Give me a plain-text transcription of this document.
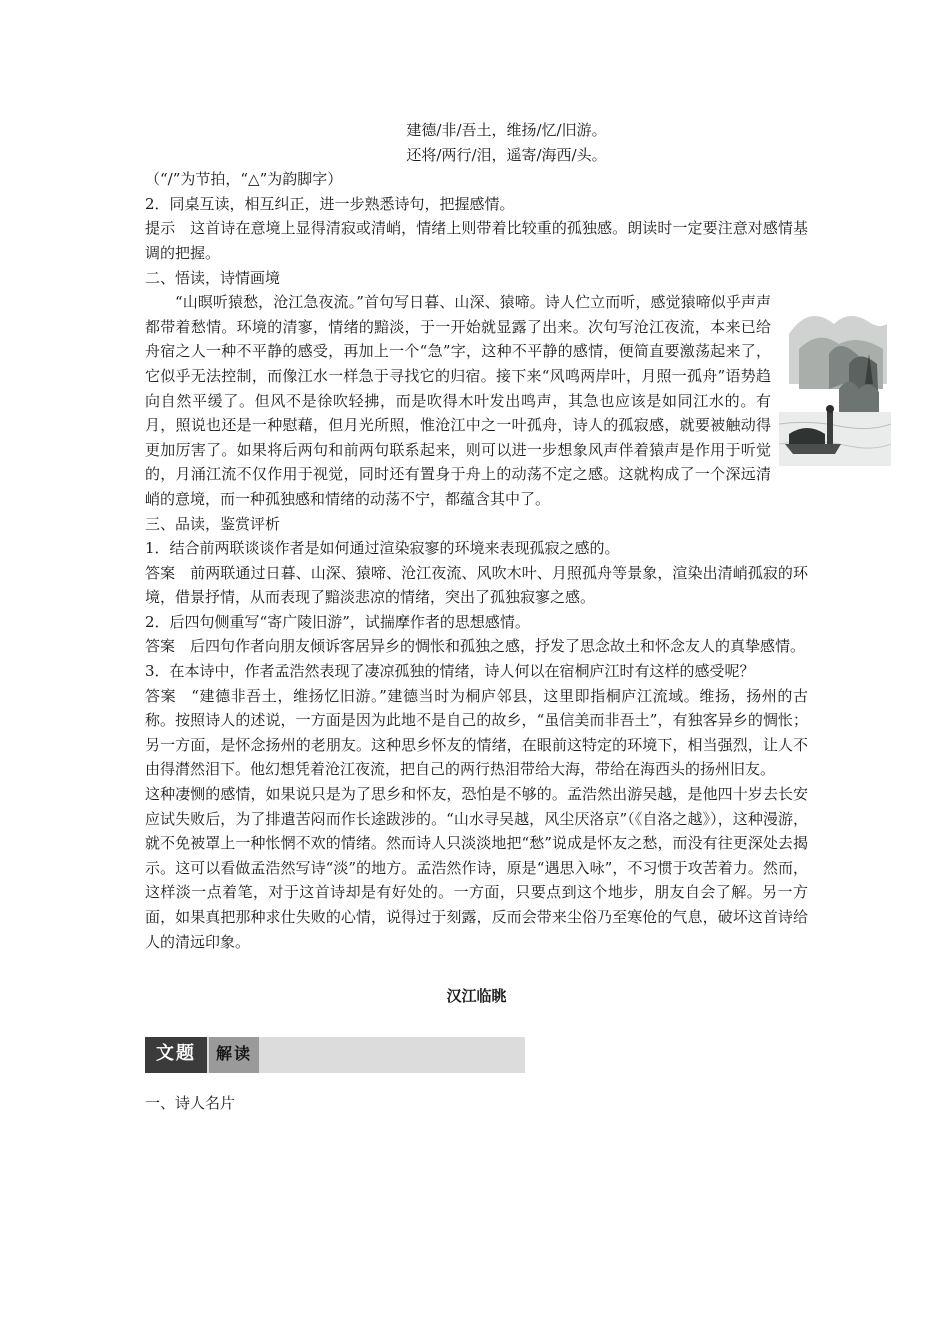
建德/非/吾土，维扬/忆/旧游。
还将/两行/泪，遥寄/海西/头。

（“/”为节拍，“△”为韵脚字）

2．同桌互读，相互纠正，进一步熟悉诗句，把握感情。

提示 这首诗在意境上显得清寂或清峭，情绪上则带着比较重的孤独感。朗读时一定要注意对感情基调的把握。

二、悟读，诗情画境

“山暝听猿愁，沧江急夜流。”首句写日暮、山深、猿啼。诗人伫立而听，感觉猿啼似乎声声都带着愁情。环境的清寥，情绪的黯淡，于一开始就显露了出来。次句写沧江夜流，本来已给舟宿之人一种不平静的感受，再加上一个“急”字，这种不平静的感情，便简直要激荡起来了，它似乎无法控制，而像江水一样急于寻找它的归宿。接下来“风鸣两岸叶，月照一孤舟”语势趋向自然平缓了。但风不是徐吹轻拂，而是吹得木叶发出鸣声，其急也应该是如同江水的。有月，照说也还是一种慰藉，但月光所照，惟沧江中之一叶孤舟，诗人的孤寂感，就要被触动得更加厉害了。如果将后两句和前两句联系起来，则可以进一步想象风声伴着猿声是作用于听觉的，月涌江流不仅作用于视觉，同时还有置身于舟上的动荡不定之感。这就构成了一个深远清峭的意境，而一种孤独感和情绪的动荡不宁，都蕴含其中了。

三、品读，鉴赏评析

1．结合前两联谈谈作者是如何通过渲染寂寥的环境来表现孤寂之感的。

答案 前两联通过日暮、山深、猿啼、沧江夜流、风吹木叶、月照孤舟等景象，渲染出清峭孤寂的环境，借景抒情，从而表现了黯淡悲凉的情绪，突出了孤独寂寥之感。

2．后四句侧重写“寄广陵旧游”，试揣摩作者的思想感情。

答案 后四句作者向朋友倾诉客居异乡的惆怅和孤独之感，抒发了思念故土和怀念友人的真挚感情。

3．在本诗中，作者孟浩然表现了凄凉孤独的情绪，诗人何以在宿桐庐江时有这样的感受呢？

答案 “建德非吾土，维扬忆旧游。”建德当时为桐庐邻县，这里即指桐庐江流域。维扬，扬州的古称。按照诗人的述说，一方面是因为此地不是自己的故乡，“虽信美而非吾土”，有独客异乡的惆怅；另一方面，是怀念扬州的老朋友。这种思乡怀友的情绪，在眼前这特定的环境下，相当强烈，让人不由得潸然泪下。他幻想凭着沧江夜流，把自己的两行热泪带给大海，带给在海西头的扬州旧友。

这种凄恻的感情，如果说只是为了思乡和怀友，恐怕是不够的。孟浩然出游吴越，是他四十岁去长安应试失败后，为了排遣苦闷而作长途跋涉的。“山水寻吴越，风尘厌洛京”（《自洛之越》），这种漫游，就不免被罩上一种怅惘不欢的情绪。然而诗人只淡淡地把“愁”说成是怀友之愁，而没有往更深处去揭示。这可以看做孟浩然写诗“淡”的地方。孟浩然作诗，原是“遇思入咏”，不习惯于攻苦着力。然而，这样淡一点着笔，对于这首诗却是有好处的。一方面，只要点到这个地步，朋友自会了解。另一方面，如果真把那种求仕失败的心情，说得过于刻露，反而会带来尘俗乃至寒伧的气息，破坏这首诗给人的清远印象。

汉江临眺
文题	解读

一、诗人名片
